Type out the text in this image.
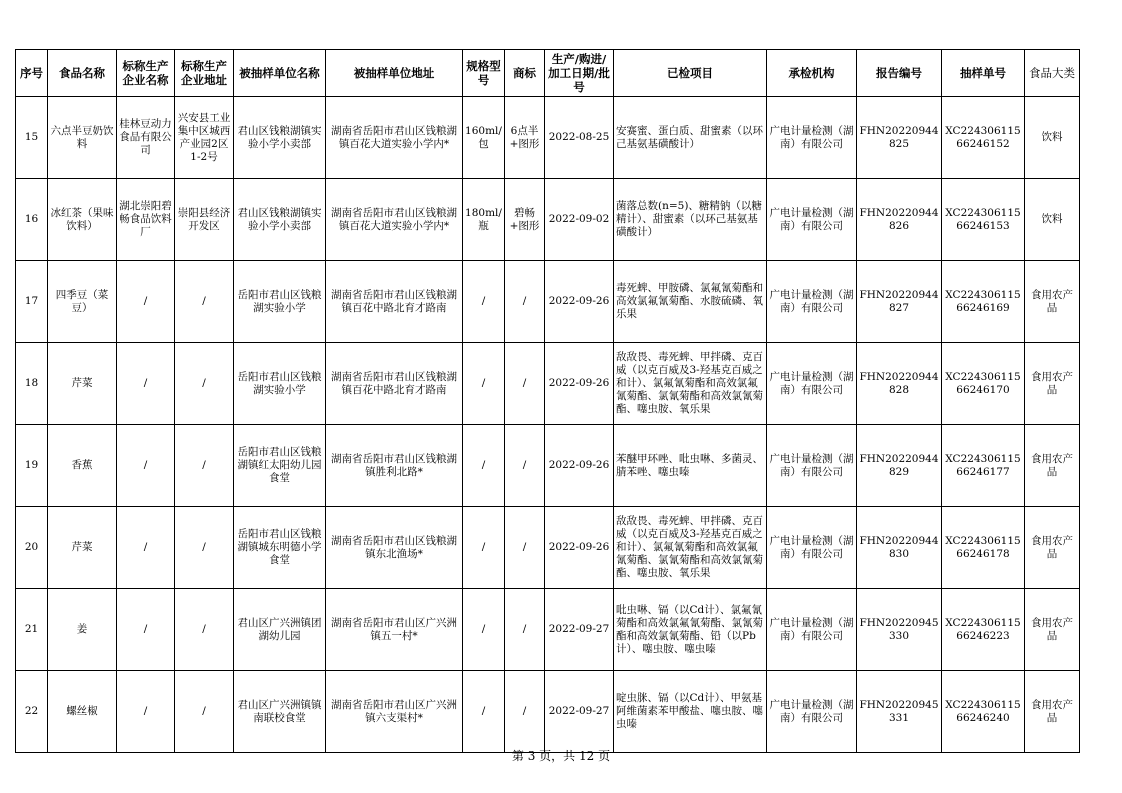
序号	食品名称	标称生产企业名称	标称生产企业地址	被抽样单位名称	被抽样单位地址	规格型号	商标	生产/购进/加工日期/批号	已检项目	承检机构	报告编号	抽样单号	食品大类
15	六点半豆奶饮料	桂林豆动力食品有限公司	兴安县工业集中区城西产业园2区1-2号	君山区钱粮湖镇实验小学小卖部	湖南省岳阳市君山区钱粮湖镇百花大道实验小学内*	160ml/包	6点半+图形	2022-08-25	安赛蜜、蛋白质、甜蜜素（以环己基氨基磺酸计）	广电计量检测（湖南）有限公司	FHN20220944825	XC22430611566246152	饮料
16	冰红茶（果味饮料）	湖北崇阳碧畅食品饮料厂	崇阳县经济开发区	君山区钱粮湖镇实验小学小卖部	湖南省岳阳市君山区钱粮湖镇百花大道实验小学内*	180ml/瓶	碧畅+图形	2022-09-02	菌落总数(n=5)、糖精钠（以糖精计）、甜蜜素（以环己基氨基磺酸计）	广电计量检测（湖南）有限公司	FHN20220944826	XC22430611566246153	饮料
17	四季豆（菜豆）	/	/	岳阳市君山区钱粮湖实验小学	湖南省岳阳市君山区钱粮湖镇百花中路北育才路南	/	/	2022-09-26	毒死蜱、甲胺磷、氯氟氰菊酯和高效氯氟氰菊酯、水胺硫磷、氧乐果	广电计量检测（湖南）有限公司	FHN20220944827	XC22430611566246169	食用农产品
18	芹菜	/	/	岳阳市君山区钱粮湖实验小学	湖南省岳阳市君山区钱粮湖镇百花中路北育才路南	/	/	2022-09-26	敌敌畏、毒死蜱、甲拌磷、克百威（以克百威及3-羟基克百威之和计）、氯氟氰菊酯和高效氯氟氰菊酯、氯氰菊酯和高效氯氰菊酯、噻虫胺、氧乐果	广电计量检测（湖南）有限公司	FHN20220944828	XC22430611566246170	食用农产品
19	香蕉	/	/	岳阳市君山区钱粮湖镇红太阳幼儿园食堂	湖南省岳阳市君山区钱粮湖镇胜利北路*	/	/	2022-09-26	苯醚甲环唑、吡虫啉、多菌灵、腈苯唑、噻虫嗪	广电计量检测（湖南）有限公司	FHN20220944829	XC22430611566246177	食用农产品
20	芹菜	/	/	岳阳市君山区钱粮湖镇城东明德小学食堂	湖南省岳阳市君山区钱粮湖镇东北渔场*	/	/	2022-09-26	敌敌畏、毒死蜱、甲拌磷、克百威（以克百威及3-羟基克百威之和计）、氯氟氰菊酯和高效氯氟氰菊酯、氯氰菊酯和高效氯氰菊酯、噻虫胺、氧乐果	广电计量检测（湖南）有限公司	FHN20220944830	XC22430611566246178	食用农产品
21	姜	/	/	君山区广兴洲镇团湖幼儿园	湖南省岳阳市君山区广兴洲镇五一村*	/	/	2022-09-27	吡虫啉、镉（以Cd计）、氯氟氰菊酯和高效氯氟氰菊酯、氯氰菊酯和高效氯氰菊酯、铅（以Pb计）、噻虫胺、噻虫嗪	广电计量检测（湖南）有限公司	FHN20220945330	XC22430611566246223	食用农产品
22	螺丝椒	/	/	君山区广兴洲镇镇南联校食堂	湖南省岳阳市君山区广兴洲镇六支渠村*	/	/	2022-09-27	啶虫脒、镉（以Cd计）、甲氨基阿维菌素苯甲酸盐、噻虫胺、噻虫嗪	广电计量检测（湖南）有限公司	FHN20220945331	XC22430611566246240	食用农产品
第 3 页，共 12 页
